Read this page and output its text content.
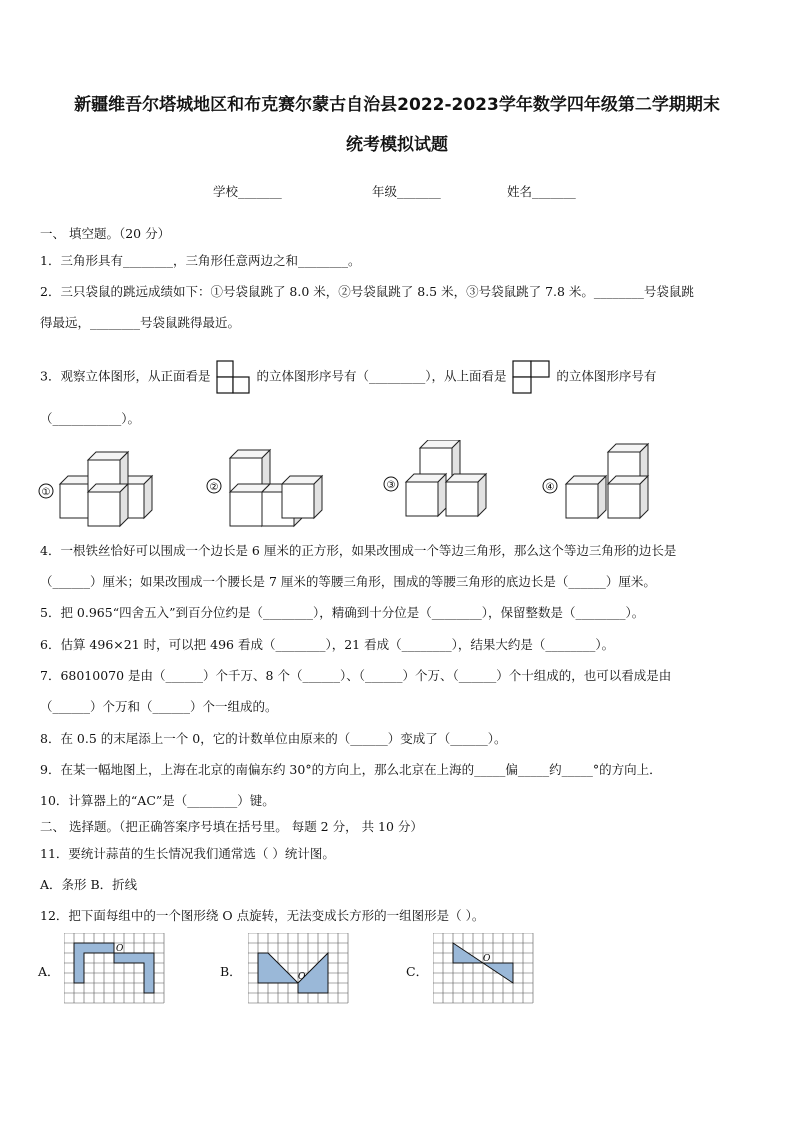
新疆维吾尔塔城地区和布克赛尔蒙古自治县2022-2023学年数学四年级第二学期期末
统考模拟试题
学校_______	年级_______	姓名_______
一、 填空题。（20 分）
1．三角形具有________，三角形任意两边之和________。
2．三只袋鼠的跳远成绩如下：①号袋鼠跳了 8.0 米，②号袋鼠跳了 8.5 米，③号袋鼠跳了 7.8 米。________号袋鼠跳
得最远，________号袋鼠跳得最近。
3．观察立体图形，从正面看是	的立体图形序号有（_________），从上面看是	的立体图形序号有
（___________）。
①	②	③	④
4．一根铁丝恰好可以围成一个边长是 6 厘米的正方形，如果改围成一个等边三角形，那么这个等边三角形的边长是
（______）厘米；如果改围成一个腰长是 7 厘米的等腰三角形，围成的等腰三角形的底边长是（______）厘米。
5．把 0.965“四舍五入”到百分位约是（________），精确到十分位是（________），保留整数是（________）。
6．估算 496×21 时，可以把 496 看成（________），21 看成（________），结果大约是（________）。
7．68010070 是由（______）个千万、8 个（______）、（______）个万、（______）个十组成的，也可以看成是由
（______）个万和（______）个一组成的。
8．在 0.5 的末尾添上一个 0，它的计数单位由原来的（______）变成了（______）。
9．在某一幅地图上，上海在北京的南偏东约 30°的方向上，那么北京在上海的_____偏_____约_____°的方向上．
10．计算器上的“AC”是（________）键。
二、 选择题。（把正确答案序号填在括号里。 每题 2 分， 共 10 分）
11．要统计蒜苗的生长情况我们通常选（ ）统计图。
A．条形 B．折线
12．把下面每组中的一个图形绕 O 点旋转，无法变成长方形的一组图形是（ ）。
A．
O
B．	O	C．
O
